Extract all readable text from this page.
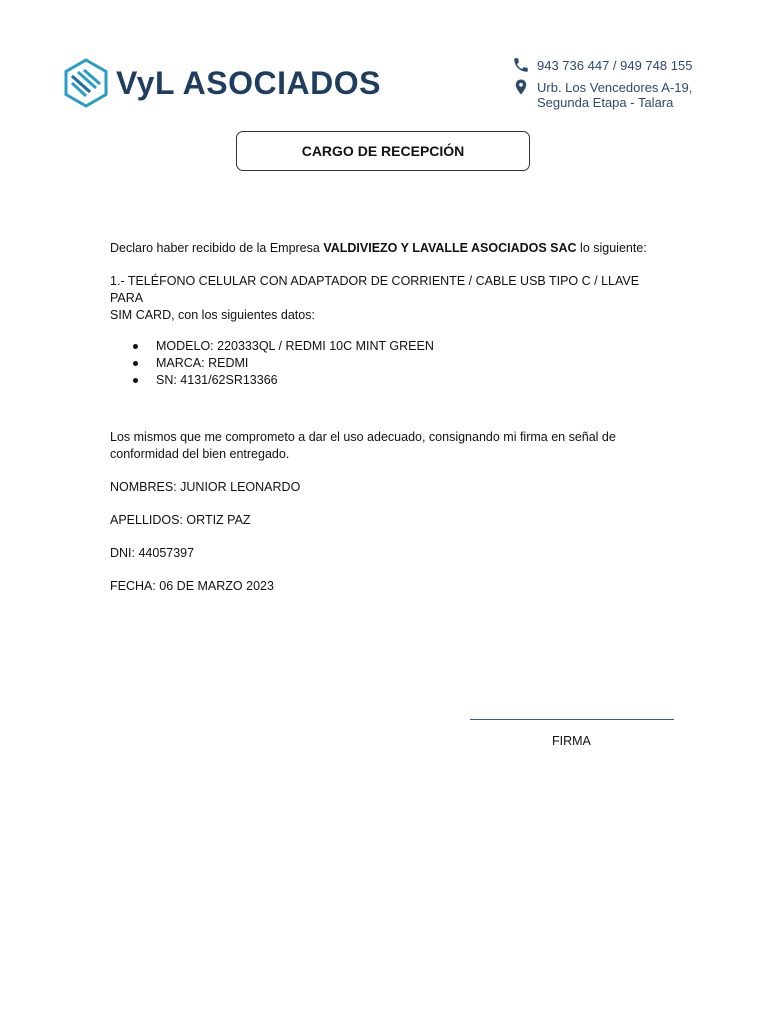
VyL ASOCIADOS	943 736 447 / 949 748 155
Urb. Los Vencedores A-19,
Segunda Etapa - Talara
CARGO DE RECEPCIÓN

Declaro haber recibido de la Empresa VALDIVIEZO Y LAVALLE ASOCIADOS SAC lo siguiente:

1.- TELÉFONO CELULAR CON ADAPTADOR DE CORRIENTE / CABLE USB TIPO C / LLAVE PARA

SIM CARD, con los siguientes datos:

MODELO: 220333QL / REDMI 10C MINT GREEN
MARCA: REDMI
SN: 4131/62SR13366

Los mismos que me comprometo a dar el uso adecuado, consignando mi firma en señal de

conformidad del bien entregado.

NOMBRES: JUNIOR LEONARDO

APELLIDOS: ORTIZ PAZ

DNI: 44057397

FECHA: 06 DE MARZO 2023

FIRMA
